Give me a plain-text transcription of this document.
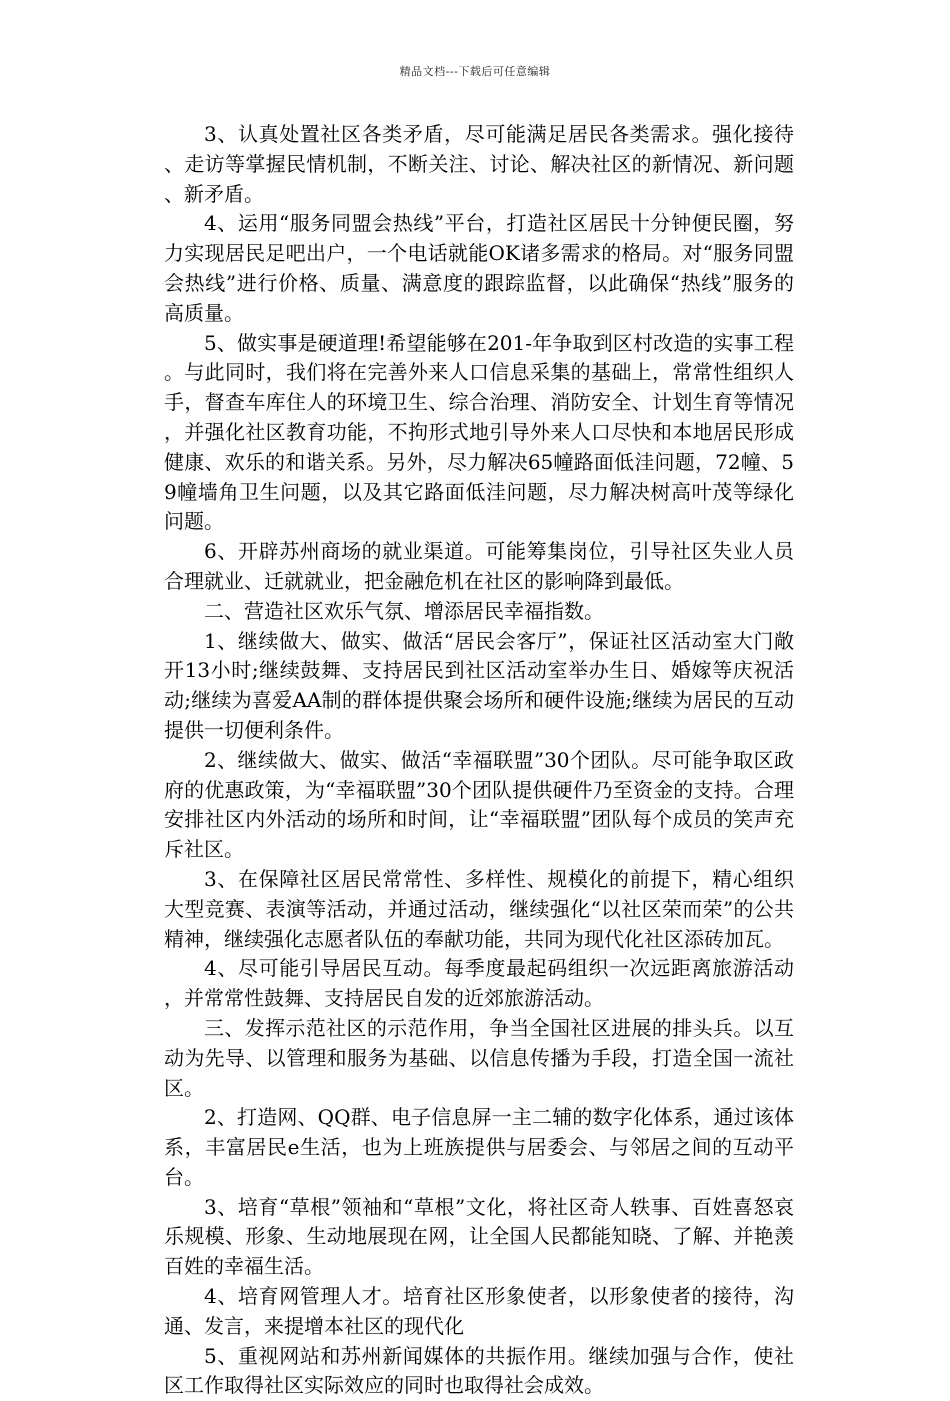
精品文档---下载后可任意编辑

3、认真处置社区各类矛盾，尽可能满足居民各类需求。强化接待、走访等掌握民情机制，不断关注、讨论、解决社区的新情况、新问题、新矛盾。

4、运用“服务同盟会热线”平台，打造社区居民十分钟便民圈，努力实现居民足吧出户，一个电话就能OK诸多需求的格局。对“服务同盟会热线”进行价格、质量、满意度的跟踪监督，以此确保“热线”服务的高质量。

5、做实事是硬道理!希望能够在201-年争取到区村改造的实事工程。与此同时，我们将在完善外来人口信息采集的基础上，常常性组织人手，督查车库住人的环境卫生、综合治理、消防安全、计划生育等情况，并强化社区教育功能，不拘形式地引导外来人口尽快和本地居民形成健康、欢乐的和谐关系。另外，尽力解决65幢路面低洼问题，72幢、59幢墙角卫生问题，以及其它路面低洼问题，尽力解决树高叶茂等绿化问题。

6、开辟苏州商场的就业渠道。可能筹集岗位，引导社区失业人员合理就业、迁就就业，把金融危机在社区的影响降到最低。

二、营造社区欢乐气氛、增添居民幸福指数。

1、继续做大、做实、做活“居民会客厅”，保证社区活动室大门敞开13小时;继续鼓舞、支持居民到社区活动室举办生日、婚嫁等庆祝活动;继续为喜爱AA制的群体提供聚会场所和硬件设施;继续为居民的互动提供一切便利条件。

2、继续做大、做实、做活“幸福联盟”30个团队。尽可能争取区政府的优惠政策，为“幸福联盟”30个团队提供硬件乃至资金的支持。合理安排社区内外活动的场所和时间，让“幸福联盟”团队每个成员的笑声充斥社区。

3、在保障社区居民常常性、多样性、规模化的前提下，精心组织大型竞赛、表演等活动，并通过活动，继续强化“以社区荣而荣”的公共精神，继续强化志愿者队伍的奉献功能，共同为现代化社区添砖加瓦。

4、尽可能引导居民互动。每季度最起码组织一次远距离旅游活动，并常常性鼓舞、支持居民自发的近郊旅游活动。

三、发挥示范社区的示范作用，争当全国社区进展的排头兵。以互动为先导、以管理和服务为基础、以信息传播为手段，打造全国一流社区。

2、打造网、QQ群、电子信息屏一主二辅的数字化体系，通过该体系，丰富居民e生活，也为上班族提供与居委会、与邻居之间的互动平台。

3、培育“草根”领袖和“草根”文化，将社区奇人轶事、百姓喜怒哀乐规模、形象、生动地展现在网，让全国人民都能知晓、了解、并艳羡百姓的幸福生活。

4、培育网管理人才。培育社区形象使者，以形象使者的接待，沟通、发言，来提增本社区的现代化

5、重视网站和苏州新闻媒体的共振作用。继续加强与合作，使社区工作取得社区实际效应的同时也取得社会成效。
